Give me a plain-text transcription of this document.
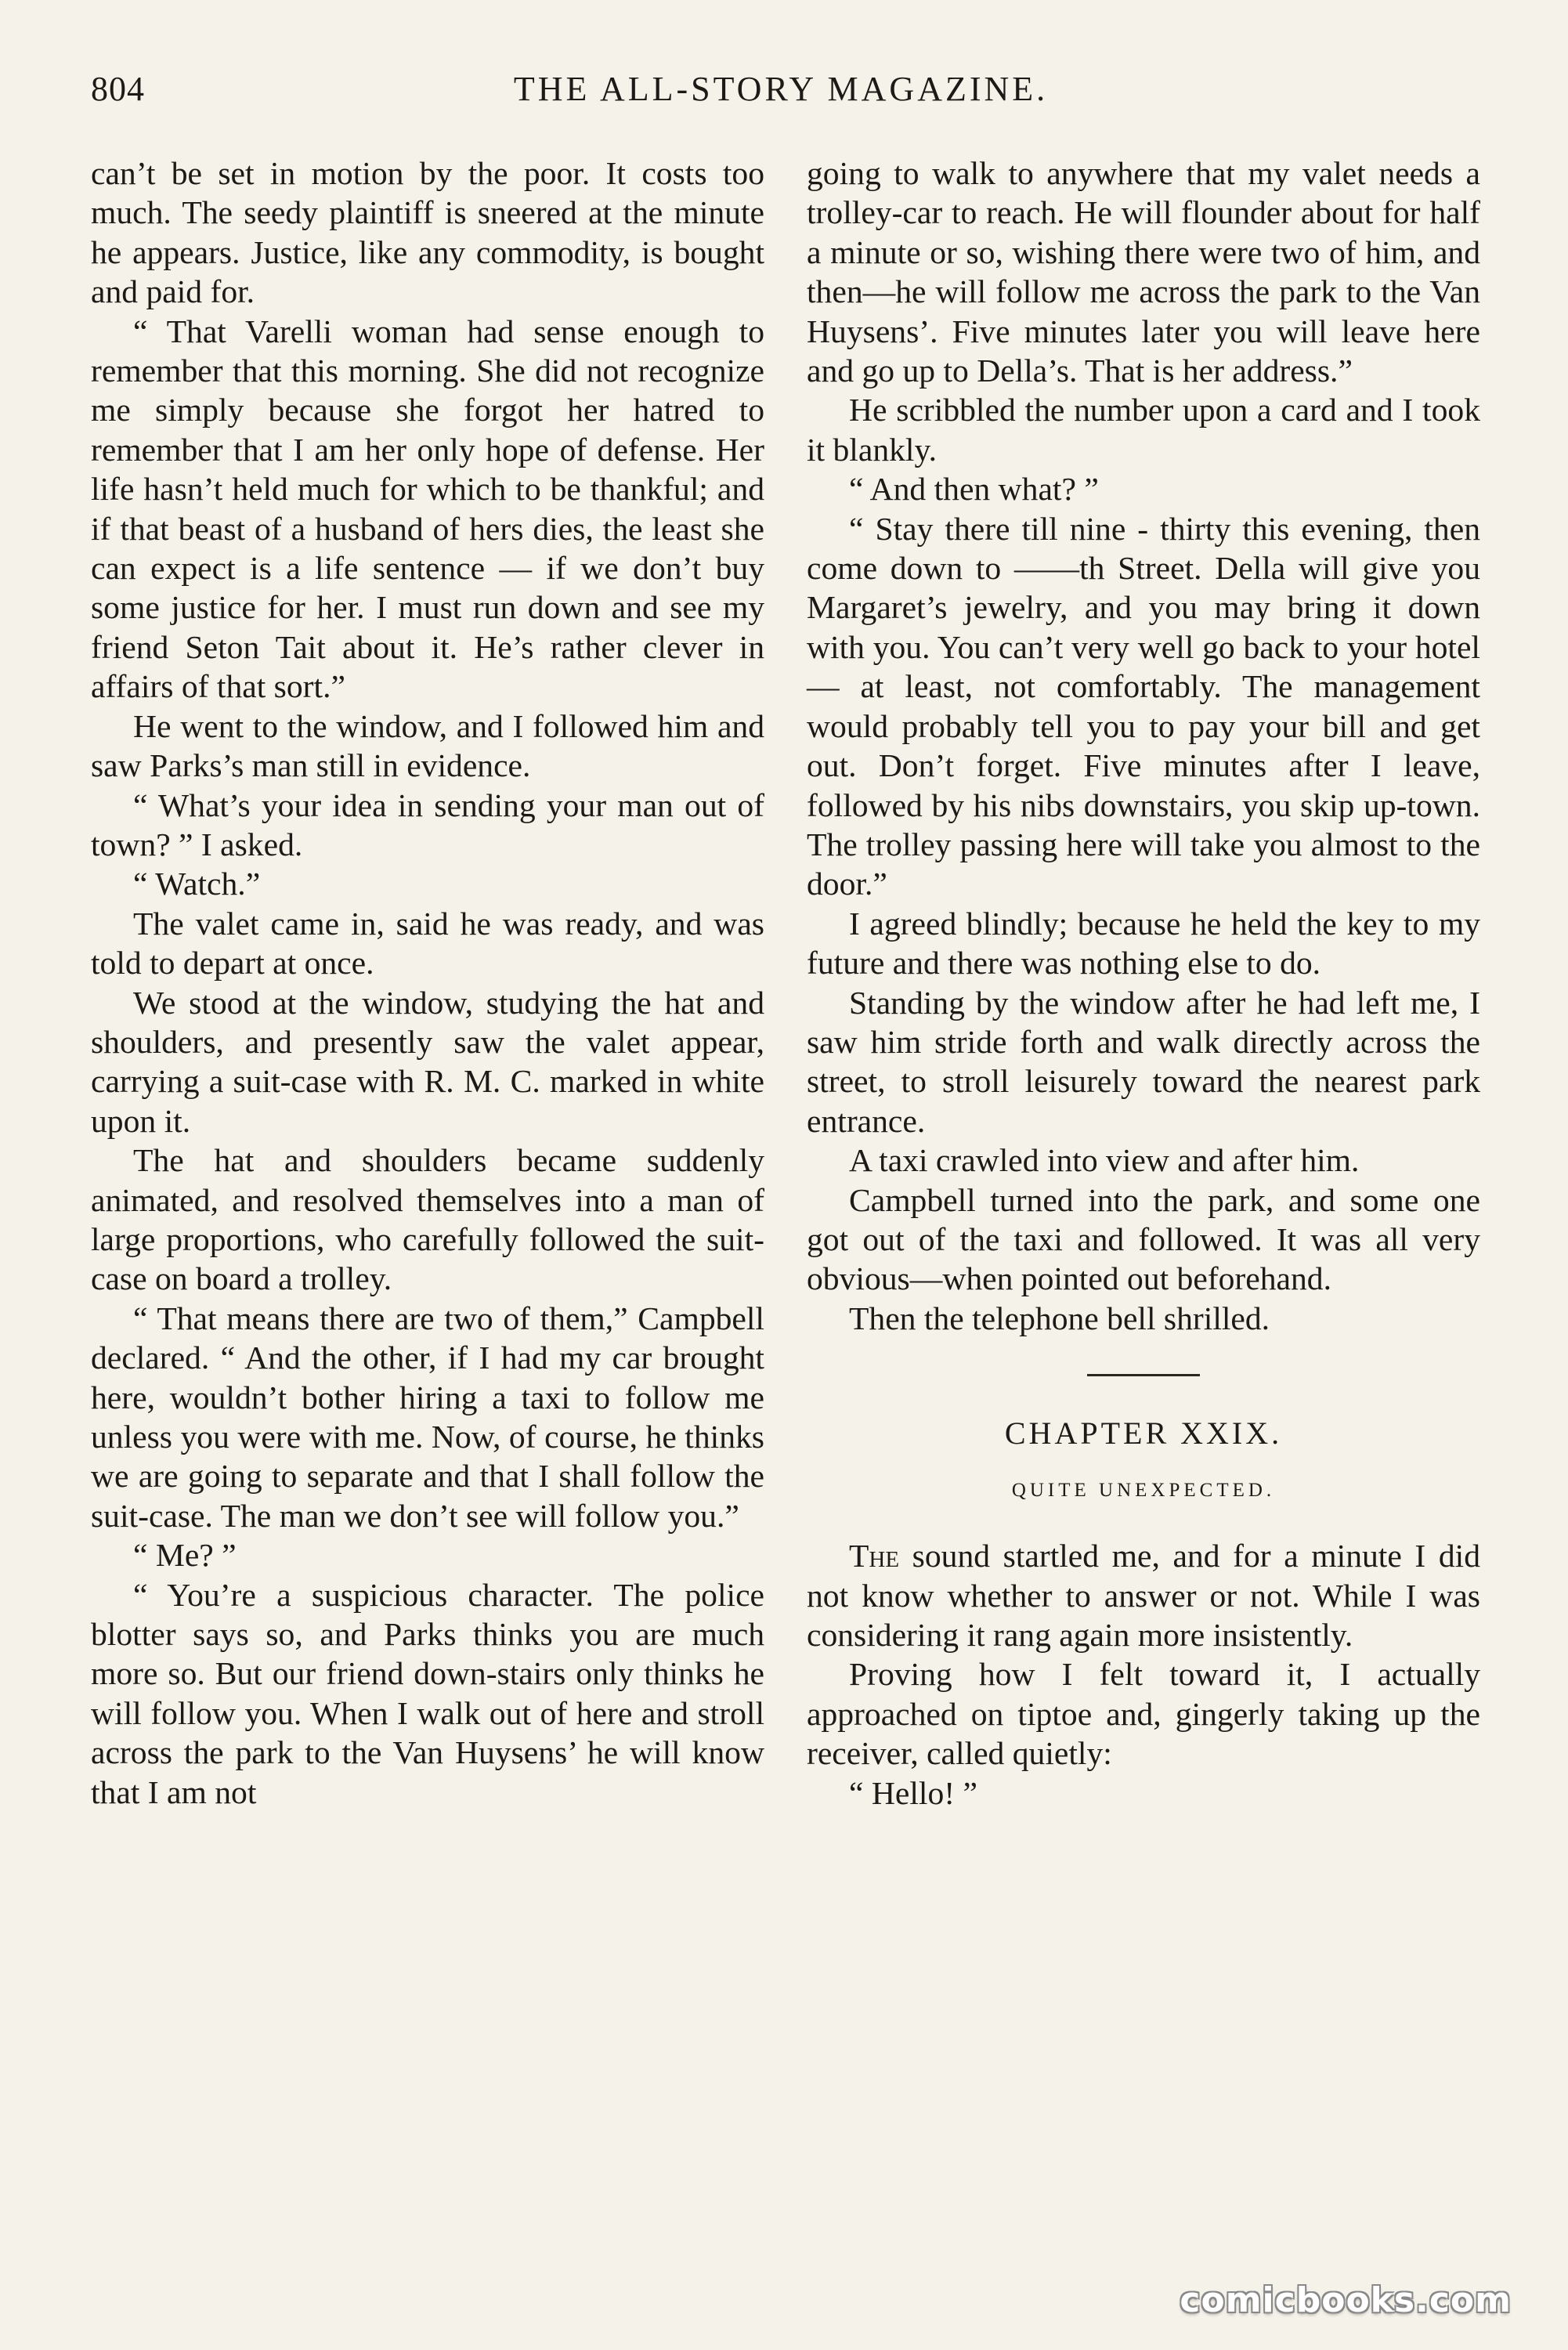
804	THE ALL-STORY MAGAZINE.

can’t be set in motion by the poor. It costs too much. The seedy plaintiff is sneered at the minute he appears. Justice, like any commodity, is bought and paid for.

“ That Varelli woman had sense enough to remember that this morning. She did not recognize me simply because she forgot her hatred to remember that I am her only hope of defense. Her life hasn’t held much for which to be thankful; and if that beast of a husband of hers dies, the least she can expect is a life sentence — if we don’t buy some justice for her. I must run down and see my friend Seton Tait about it. He’s rather clever in affairs of that sort.”

He went to the window, and I followed him and saw Parks’s man still in evidence.

“ What’s your idea in sending your man out of town? ” I asked.

“ Watch.”

The valet came in, said he was ready, and was told to depart at once.

We stood at the window, studying the hat and shoulders, and presently saw the valet appear, carrying a suit-case with R. M. C. marked in white upon it.

The hat and shoulders became suddenly animated, and resolved themselves into a man of large proportions, who carefully followed the suit-case on board a trolley.

“ That means there are two of them,” Campbell declared. “ And the other, if I had my car brought here, wouldn’t bother hiring a taxi to follow me unless you were with me. Now, of course, he thinks we are going to separate and that I shall follow the suit-case. The man we don’t see will follow you.”

“ Me? ”

“ You’re a suspicious character. The police blotter says so, and Parks thinks you are much more so. But our friend down-stairs only thinks he will follow you. When I walk out of here and stroll across the park to the Van Huysens’ he will know that I am not

going to walk to anywhere that my valet needs a trolley-car to reach. He will flounder about for half a minute or so, wishing there were two of him, and then—he will follow me across the park to the Van Huysens’. Five minutes later you will leave here and go up to Della’s. That is her address.”

He scribbled the number upon a card and I took it blankly.

“ And then what? ”

“ Stay there till nine - thirty this evening, then come down to ——th Street. Della will give you Margaret’s jewelry, and you may bring it down with you. You can’t very well go back to your hotel — at least, not comfortably. The management would probably tell you to pay your bill and get out. Don’t forget. Five minutes after I leave, followed by his nibs downstairs, you skip up-town. The trolley passing here will take you almost to the door.”

I agreed blindly; because he held the key to my future and there was nothing else to do.

Standing by the window after he had left me, I saw him stride forth and walk directly across the street, to stroll leisurely toward the nearest park entrance.

A taxi crawled into view and after him.

Campbell turned into the park, and some one got out of the taxi and followed. It was all very obvious—when pointed out beforehand.

Then the telephone bell shrilled.

CHAPTER XXIX.
QUITE UNEXPECTED.

The sound startled me, and for a minute I did not know whether to answer or not. While I was considering it rang again more insistently.

Proving how I felt toward it, I actually approached on tiptoe and, gingerly taking up the receiver, called quietly:

“ Hello! ”

comicbooks.com
